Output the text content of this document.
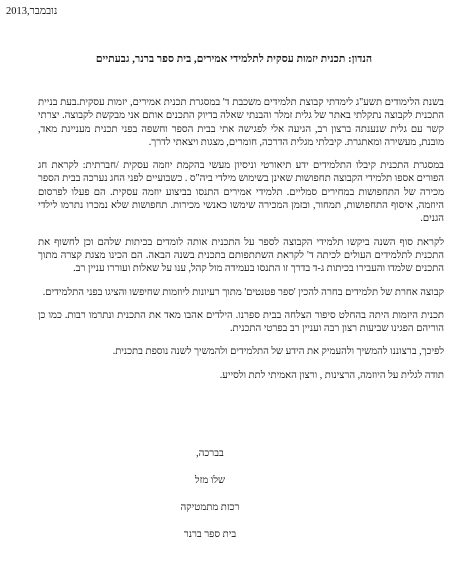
נובמבר,2013
הנדון: תכנית יזמות עסקית לתלמידי אמירים, בית ספר ברנר, גבעתיים

בשנת הלימודים תשע"ג לימדתי קבוצת תלמידים משכבת ד' במסגרת תכנית אמירים, יזמות עסקית.בעת בניית התכנית לקבוצה נתקלתי באתר של גלית זמלר והבנתי שאלה בדיוק התכנים אותם אני מבקשת לקבוצה. יצרתי קשר עם גלית שנענתה ברצון רב, הגיעה אלי לפגישה אתי בבית הספר וחשפה בפני תכנית מעניינת מאד, מובנת, מעשירה ומאתגרת. קיבלתי מגלית הדרכה, חומרים, מצגות ויצאתי לדרך.

במסגרת התכנית קיבלו התלמידים ידע תיאורטי וניסיון מעשי בהקמת יוזמה עסקית /חברתית: לקראת חג הפורים אספו תלמידי הקבוצה תחפושות שאינן בשימוש מילדי ביה"ס . כשבועיים לפני החג נערכה בבית הספר מכירה של התחפושות במחירים סמליים. תלמידי אמירים התנסו בביצוע יוזמה עסקית. הם פעלו לפרסום היוזמה, איסוף התחפושות, תמחור, ובזמן המכירה שימשו כאנשי מכירות. תחפושות שלא נמכרו נתרמו לילדי הגנים.

לקראת סוף השנה ביקשו תלמידי הקבוצה לספר על התכנית אותה לומדים בכיתות שלהם וכן לחשוף את התכנית לתלמידים העולים לכיתה ד' לקראת השתתפותם בתכנית בשנה הבאה. הם הכינו מצגת קצרה מתוך התכנים שלמדו והעבירו בכיתות ג-ד בדרך זו התנסו בעמידה מול קהל, ענו על שאלות ועוררו עניין רב.

קבוצה אחרת של תלמידים בחרה להכין 'ספר פטנטים' מתוך רעיונות ליוזמות שחיפשו והציגו בפני התלמידים.

תכנית היזמות היתה בהחלט סיפור הצלחה בבית ספרנו. הילדים אהבו מאד את התכנית ונתרמו רבות. כמו כן הוריהם הפגינו שביעות רצון רבה ועניין רב בפרטי התכנית.

לפיכך, ברצוננו להמשיך ולהעמיק את הידע של התלמידים ולהמשיך לשנה נוספת בתכנית.

תודה לגלית על היוזמה, הרצינות , ורצון האמיתי לתת ולסייע.

בברכה,
שלו מזל
רכזת מתמטיקה
בית ספר ברנר
